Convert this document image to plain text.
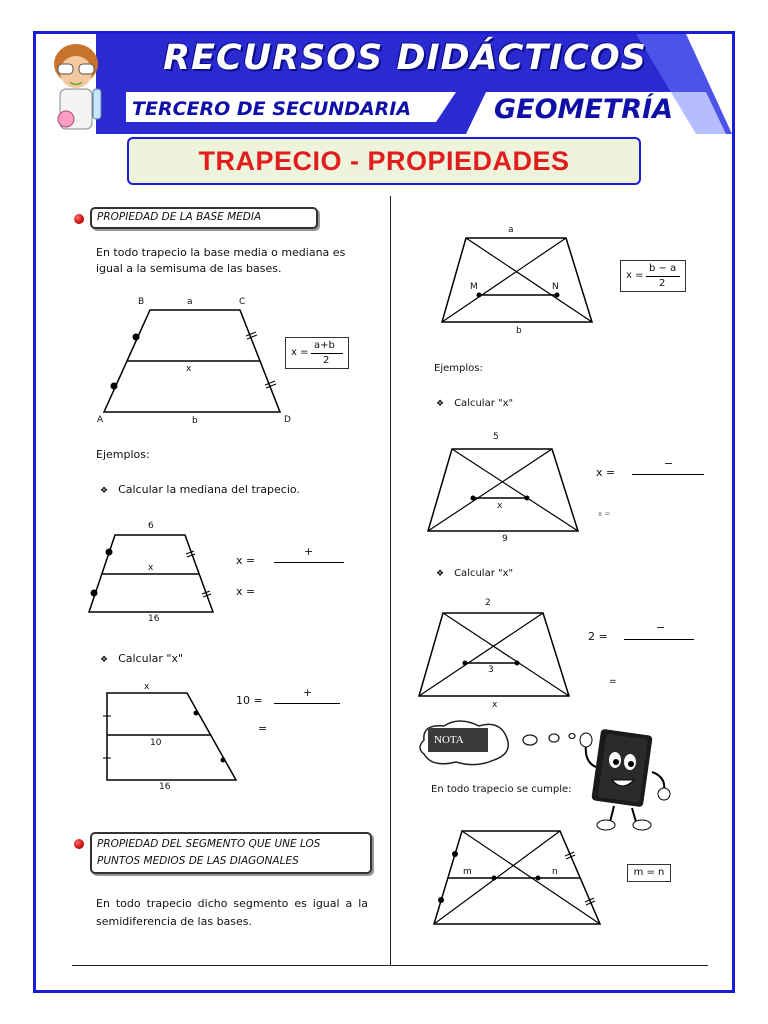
RECURSOS DIDÁCTICOS
TERCERO DE SECUNDARIA	GEOMETRÍA
TRAPECIO - PROPIEDADES
PROPIEDAD DE LA BASE MEDIA
En todo trapecio la base media o mediana es igual a la semisuma de las bases.
B	a	C
x
A	b	D
x =
a+b
2
Ejemplos:
❖ Calcular la mediana del trapecio.
6
x
16
x =
+
x =
❖ Calcular "x"
x
10
16
10 =
+
=
PROPIEDAD DEL SEGMENTO QUE UNE LOS PUNTOS MEDIOS DE LAS DIAGONALES
En todo trapecio dicho segmento es igual a la semidiferencia de las bases.
a
M	N
b
x =
b − a
2
Ejemplos:
❖ Calcular "x"
5
x
9
x =
−
x =
❖ Calcular "x"
2
3
x
2 =
−
=
NOTA
En todo trapecio se cumple:
m	n	m = n
